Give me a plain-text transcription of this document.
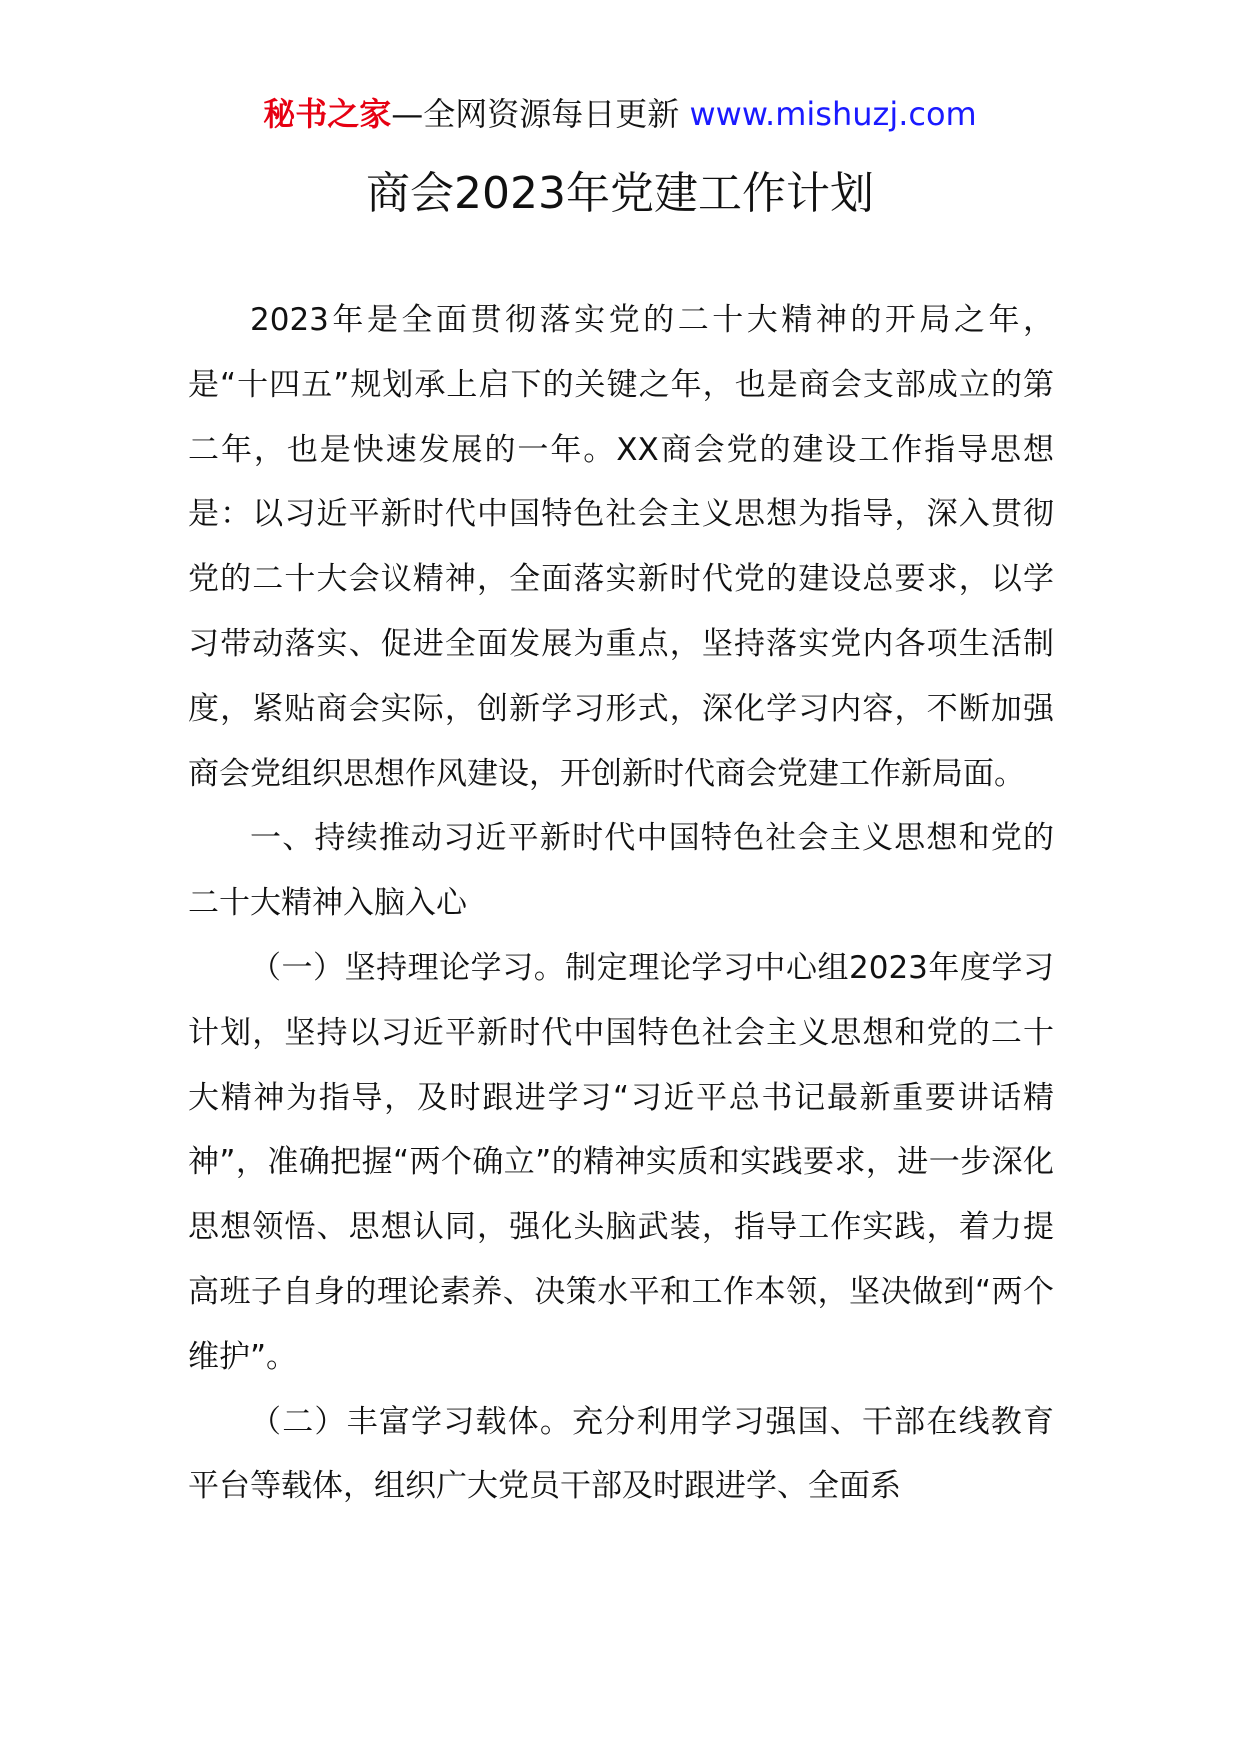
秘书之家—全网资源每日更新 www.mishuzj.com
商会2023年党建工作计划

2023年是全面贯彻落实党的二十大精神的开局之年，是“十四五”规划承上启下的关键之年，也是商会支部成立的第二年，也是快速发展的一年。XX商会党的建设工作指导思想是：以习近平新时代中国特色社会主义思想为指导，深入贯彻党的二十大会议精神，全面落实新时代党的建设总要求，以学习带动落实、促进全面发展为重点，坚持落实党内各项生活制度，紧贴商会实际，创新学习形式，深化学习内容，不断加强商会党组织思想作风建设，开创新时代商会党建工作新局面。

一、持续推动习近平新时代中国特色社会主义思想和党的二十大精神入脑入心

（一）坚持理论学习。制定理论学习中心组2023年度学习计划，坚持以习近平新时代中国特色社会主义思想和党的二十大精神为指导，及时跟进学习“习近平总书记最新重要讲话精神”，准确把握“两个确立”的精神实质和实践要求，进一步深化思想领悟、思想认同，强化头脑武装，指导工作实践，着力提高班子自身的理论素养、决策水平和工作本领，坚决做到“两个维护”。

（二）丰富学习载体。充分利用学习强国、干部在线教育平台等载体，组织广大党员干部及时跟进学、全面系
